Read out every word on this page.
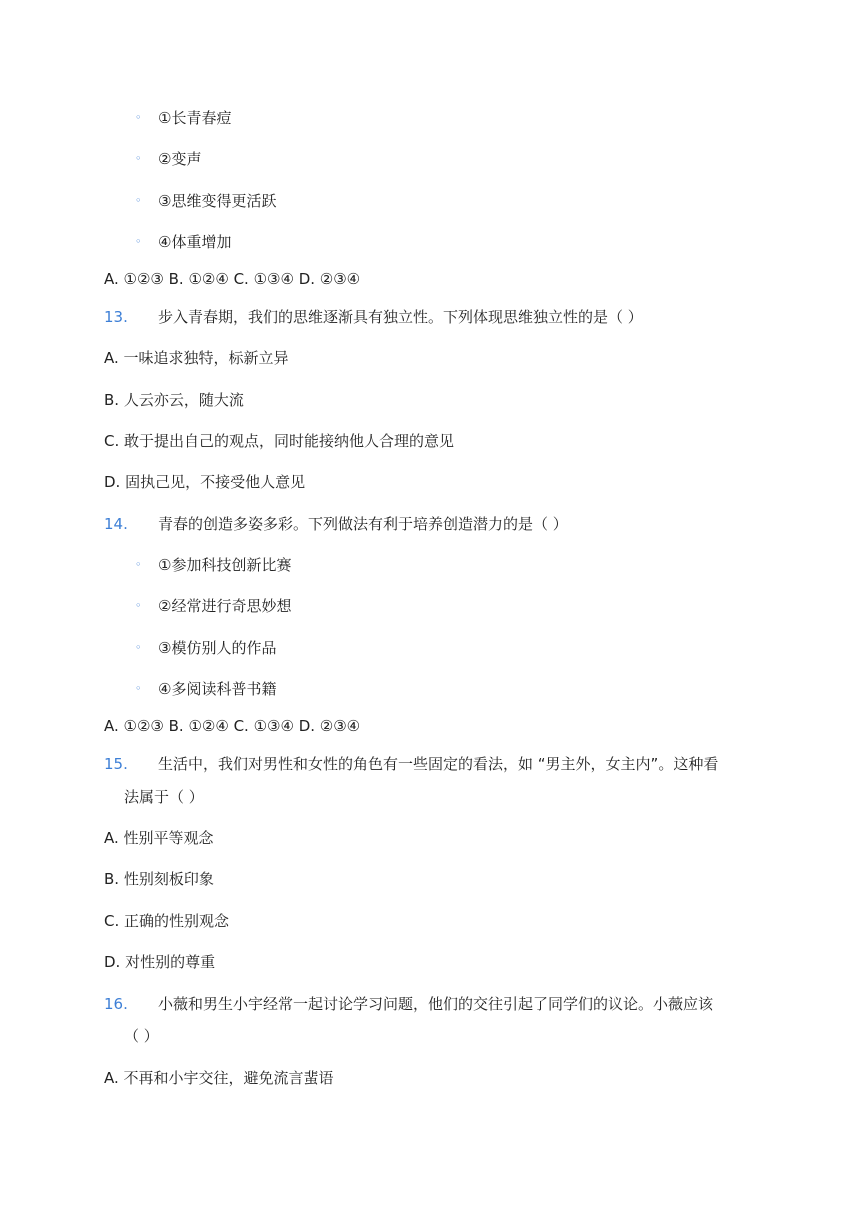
◦ ①长青春痘
◦ ②变声
◦ ③思维变得更活跃
◦ ④体重增加
A. ①②③ B. ①②④ C. ①③④ D. ②③④
13. 步入青春期，我们的思维逐渐具有独立性。下列体现思维独立性的是（ ）
A. 一味追求独特，标新立异
B. 人云亦云，随大流
C. 敢于提出自己的观点，同时能接纳他人合理的意见
D. 固执己见，不接受他人意见
14. 青春的创造多姿多彩。下列做法有利于培养创造潜力的是（ ）
◦ ①参加科技创新比赛
◦ ②经常进行奇思妙想
◦ ③模仿别人的作品
◦ ④多阅读科普书籍
A. ①②③ B. ①②④ C. ①③④ D. ②③④
15. 生活中，我们对男性和女性的角色有一些固定的看法，如 “男主外，女主内”。这种看
法属于（ ）
A. 性别平等观念
B. 性别刻板印象
C. 正确的性别观念
D. 对性别的尊重
16. 小薇和男生小宇经常一起讨论学习问题，他们的交往引起了同学们的议论。小薇应该
（ ）
A. 不再和小宇交往，避免流言蜚语
